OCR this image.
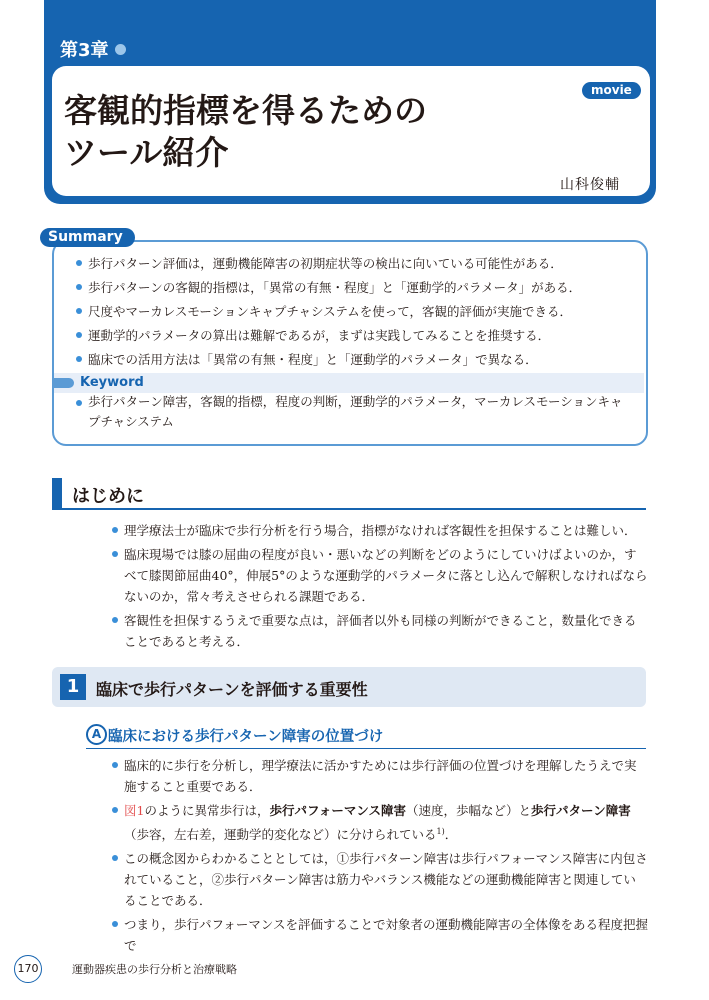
第3章
movie
客観的指標を得るための
ツール紹介
山科俊輔
Summary
歩行パターン評価は，運動機能障害の初期症状等の検出に向いている可能性がある．
歩行パターンの客観的指標は，「異常の有無・程度」と「運動学的パラメータ」がある．
尺度やマーカレスモーションキャプチャシステムを使って，客観的評価が実施できる．
運動学的パラメータの算出は難解であるが，まずは実践してみることを推奨する．
臨床での活用方法は「異常の有無・程度」と「運動学的パラメータ」で異なる．
Keyword
歩行パターン障害，客観的指標，程度の判断，運動学的パラメータ，マーカレスモーションキャプチャシステム
はじめに
理学療法士が臨床で歩行分析を行う場合，指標がなければ客観性を担保することは難しい．
臨床現場では膝の屈曲の程度が良い・悪いなどの判断をどのようにしていけばよいのか，すべて膝関節屈曲40°，伸展5°のような運動学的パラメータに落とし込んで解釈しなければならないのか，常々考えさせられる課題である．
客観性を担保するうえで重要な点は，評価者以外も同様の判断ができること，数量化できることであると考える．
1	臨床で歩行パターンを評価する重要性
A 臨床における歩行パターン障害の位置づけ
臨床的に歩行を分析し，理学療法に活かすためには歩行評価の位置づけを理解したうえで実施すること重要である．
図1のように異常歩行は，歩行パフォーマンス障害（速度，歩幅など）と歩行パターン障害（歩容，左右差，運動学的変化など）に分けられている$^{1)}$．
この概念図からわかることとしては，①歩行パターン障害は歩行パフォーマンス障害に内包されていること，②歩行パターン障害は筋力やバランス機能などの運動機能障害と関連していることである．
つまり，歩行パフォーマンスを評価することで対象者の運動機能障害の全体像をある程度把握で
170	運動器疾患の歩行分析と治療戦略
